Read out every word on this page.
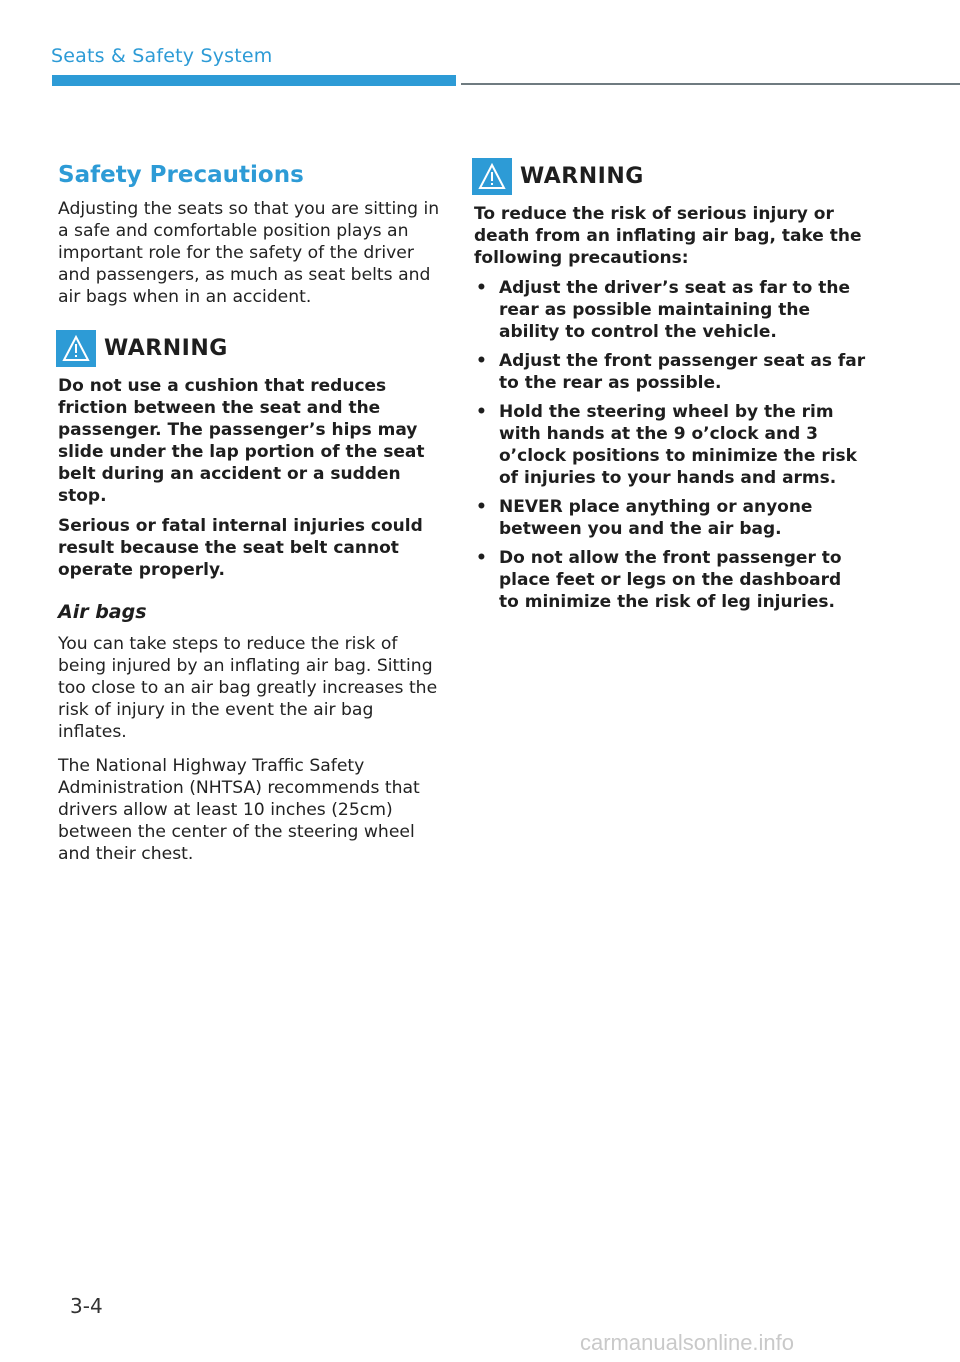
Seats & Safety System
Safety Precautions

Adjusting the seats so that you are sitting in a safe and comfortable position plays an important role for the safety of the driver and passengers, as much as seat belts and air bags when in an accident.

WARNING

Do not use a cushion that reduces friction between the seat and the passenger. The passenger’s hips may slide under the lap portion of the seat belt during an accident or a sudden stop.

Serious or fatal internal injuries could result because the seat belt cannot operate properly.

Air bags

You can take steps to reduce the risk of being injured by an inflating air bag. Sitting too close to an air bag greatly increases the risk of injury in the event the air bag inflates.

The National Highway Traffic Safety Administration (NHTSA) recommends that drivers allow at least 10 inches (25cm) between the center of the steering wheel and their chest.

WARNING

To reduce the risk of serious injury or death from an inflating air bag, take the following precautions:

• Adjust the driver’s seat as far to the rear as possible maintaining the ability to control the vehicle.
• Adjust the front passenger seat as far to the rear as possible.
• Hold the steering wheel by the rim with hands at the 9 o’clock and 3 o’clock positions to minimize the risk of injuries to your hands and arms.
• NEVER place anything or anyone between you and the air bag.
• Do not allow the front passenger to place feet or legs on the dashboard to minimize the risk of leg injuries.
3-4
carmanualsonline.info
